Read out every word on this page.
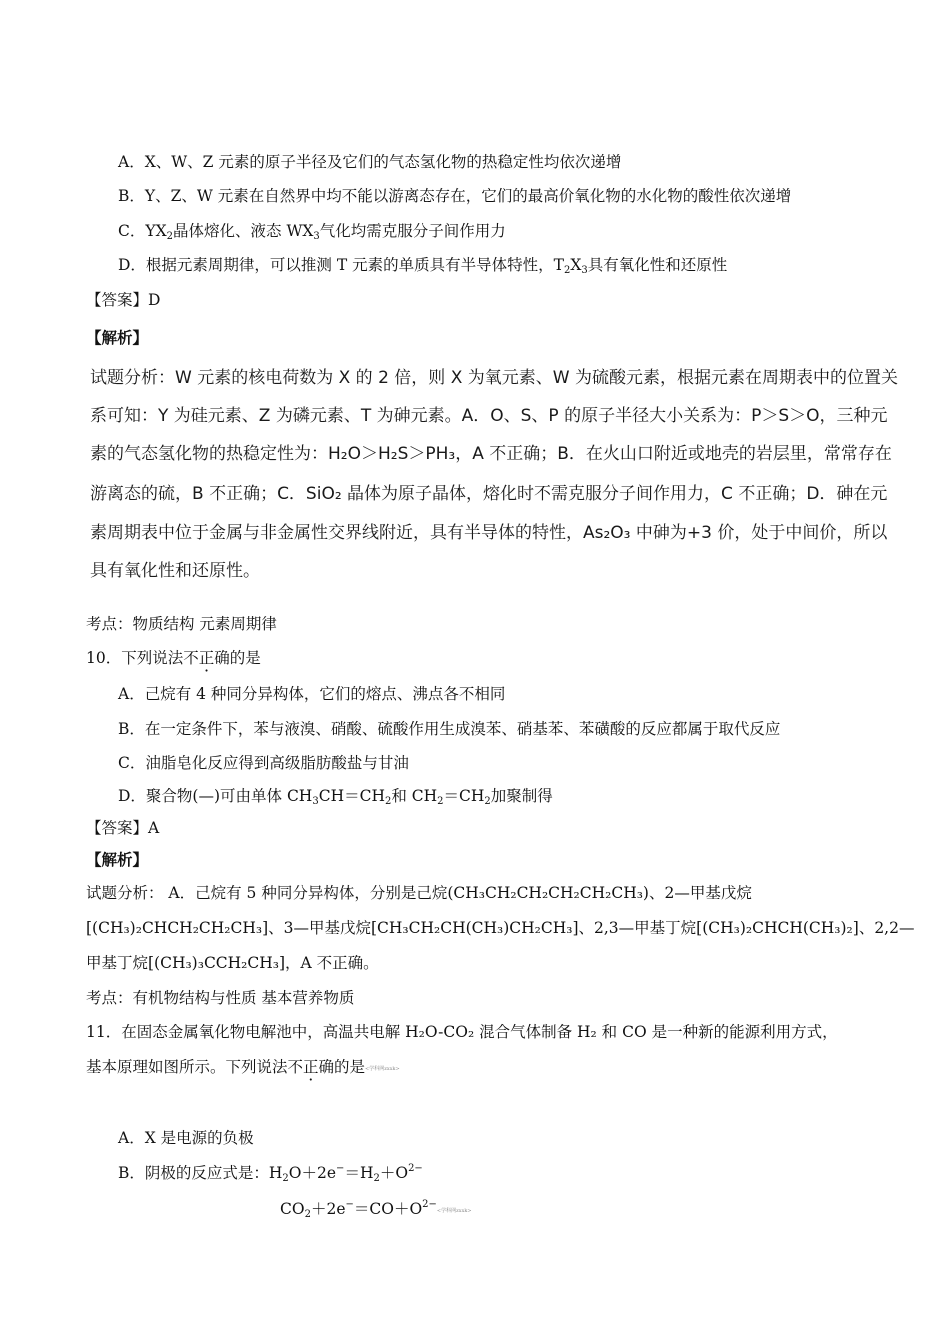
A．X、W、Z 元素的原子半径及它们的气态氢化物的热稳定性均依次递增
B．Y、Z、W 元素在自然界中均不能以游离态存在，它们的最高价氧化物的水化物的酸性依次递增
C．$YX_2$晶体熔化、液态 $WX_3$气化均需克服分子间作用力
D．根据元素周期律，可以推测 T 元素的单质具有半导体特性，$T_2X_3$具有氧化性和还原性
【答案】D
【解析】
试题分析：W 元素的核电荷数为 X 的 2 倍，则 X 为氧元素、W 为硫酸元素，根据元素在周期表中的位置关
系可知：Y 为硅元素、Z 为磷元素、T 为砷元素。A．O、S、P 的原子半径大小关系为：P＞S＞O，三种元
素的气态氢化物的热稳定性为：H₂O＞H₂S＞PH₃，A 不正确；B．在火山口附近或地壳的岩层里，常常存在
游离态的硫，B 不正确；C．SiO₂ 晶体为原子晶体，熔化时不需克服分子间作用力，C 不正确；D．砷在元
素周期表中位于金属与非金属性交界线附近，具有半导体的特性，As₂O₃ 中砷为+3 价，处于中间价，所以
具有氧化性和还原性。
考点：物质结构 元素周期律
10．下列说法不正确的是
A．己烷有 4 种同分异构体，它们的熔点、沸点各不相同
B．在一定条件下，苯与液溴、硝酸、硫酸作用生成溴苯、硝基苯、苯磺酸的反应都属于取代反应
C．油脂皂化反应得到高级脂肪酸盐与甘油
D．聚合物(—)可由单体 $CH_3CH=CH_2$和 $CH_2=CH_2$加聚制得
【答案】A
【解析】
试题分析： A．己烷有 5 种同分异构体，分别是己烷(CH₃CH₂CH₂CH₂CH₂CH₃)、2—甲基戊烷
[(CH₃)₂CHCH₂CH₂CH₃]、3—甲基戊烷[CH₃CH₂CH(CH₃)CH₂CH₃]、2,3—甲基丁烷[(CH₃)₂CHCH(CH₃)₂]、2,2—
甲基丁烷[(CH₃)₃CCH₂CH₃]，A 不正确。
考点：有机物结构与性质 基本营养物质
11．在固态金属氧化物电解池中，高温共电解 H₂O-CO₂ 混合气体制备 H₂ 和 CO 是一种新的能源利用方式，
基本原理如图所示。下列说法不正确的是<学科网zxxk>
A．X 是电源的负极
B．阴极的反应式是：$H_2O+2e^-=H_2+O^{2-}$
$CO_2+2e^-=CO+O^{2-}<$学科网zxxk>
